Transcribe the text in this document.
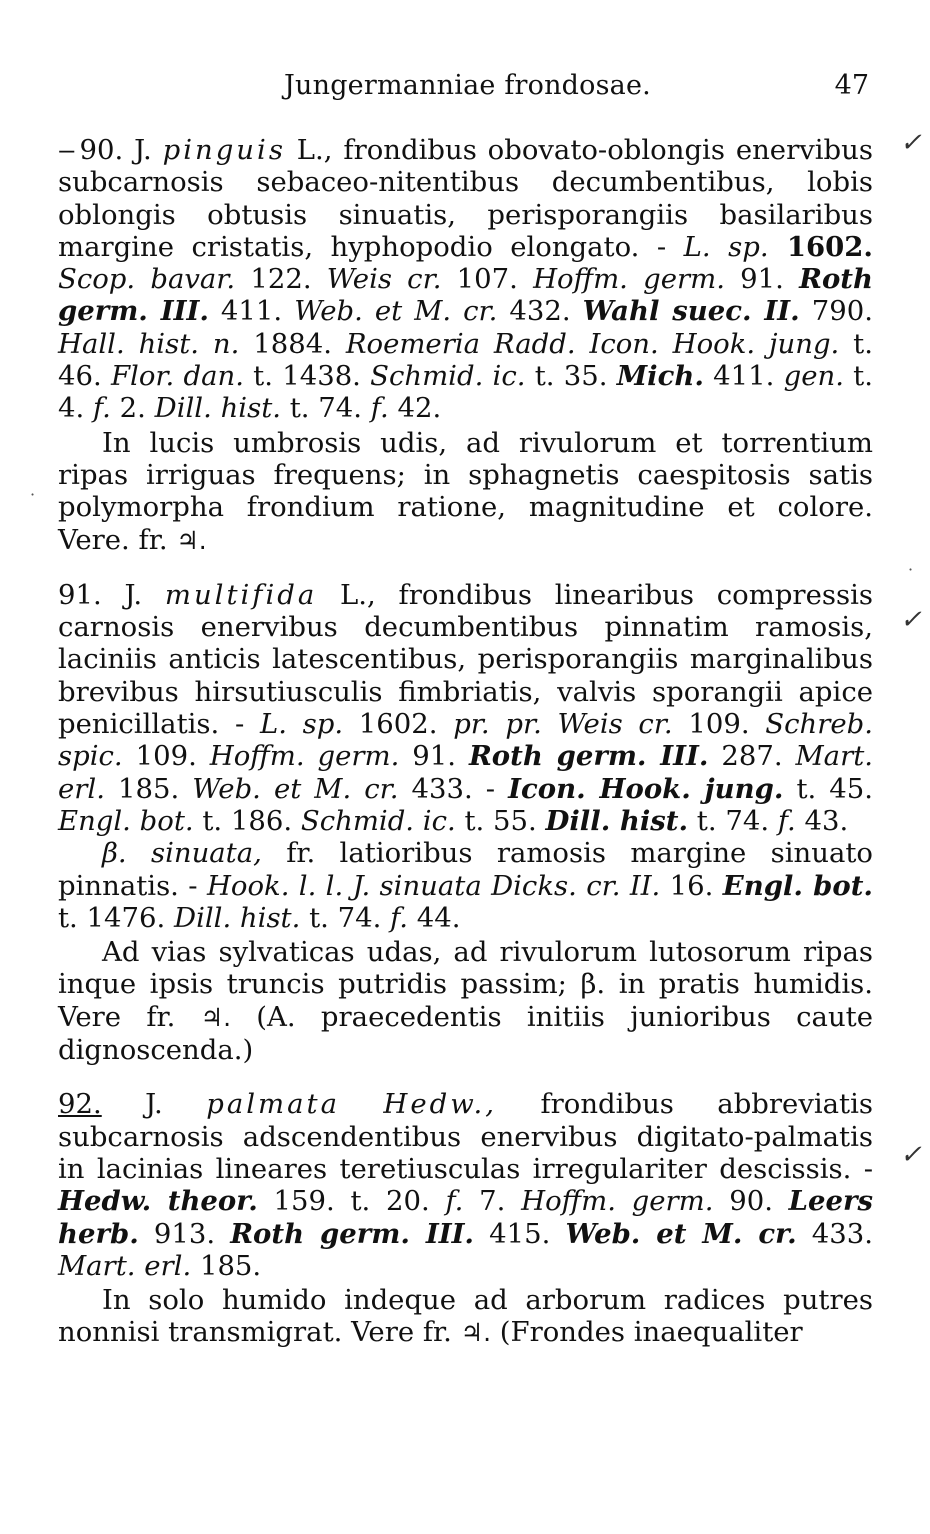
Jungermanniae frondosae.	47

‒ 90. J. pinguis L., frondibus obovato-oblongis enervibus subcarnosis sebaceo-nitentibus decumbentibus, lobis oblongis obtusis sinuatis, perisporangiis basilaribus margine cristatis, hyphopodio elongato. - L. sp. 1602. Scop. bavar. 122. Weis cr. 107. Hoffm. germ. 91. Roth germ. III. 411. Web. et M. cr. 432. Wahl suec. II. 790. Hall. hist. n. 1884. Roemeria Radd. Icon. Hook. jung. t. 46. Flor. dan. t. 1438. Schmid. ic. t. 35. Mich. 411. gen. t. 4. f. 2. Dill. hist. t. 74. f. 42.

In lucis umbrosis udis, ad rivulorum et torrentium ripas irriguas frequens; in sphagnetis caespitosis satis polymorpha frondium ratione, magnitudine et colore. Vere. fr. ♃.

91. J. multifida L., frondibus linearibus compressis carnosis enervibus decumbentibus pinnatim ramosis, laciniis anticis latescentibus, perisporangiis marginalibus brevibus hirsutiusculis fimbriatis, valvis sporangii apice penicillatis. - L. sp. 1602. pr. pr. Weis cr. 109. Schreb. spic. 109. Hoffm. germ. 91. Roth germ. III. 287. Mart. erl. 185. Web. et M. cr. 433. - Icon. Hook. jung. t. 45. Engl. bot. t. 186. Schmid. ic. t. 55. Dill. hist. t. 74. f. 43.

β. sinuata, fr. latioribus ramosis margine sinuato pinnatis. - Hook. l. l. J. sinuata Dicks. cr. II. 16. Engl. bot. t. 1476. Dill. hist. t. 74. f. 44.

Ad vias sylvaticas udas, ad rivulorum lutosorum ripas inque ipsis truncis putridis passim; β. in pratis humidis. Vere fr. ♃. (A. praecedentis initiis junioribus caute dignoscenda.)

92. J. palmata Hedw., frondibus abbreviatis subcarnosis adscendentibus enervibus digitato-palmatis in lacinias lineares teretiusculas irregulariter descissis. - Hedw. theor. 159. t. 20. f. 7. Hoffm. germ. 90. Leers herb. 913. Roth germ. III. 415. Web. et M. cr. 433. Mart. erl. 185.

In solo humido indeque ad arborum radices putres nonnisi transmigrat. Vere fr. ♃. (Frondes inaequaliter

✓
✓
✓
·
·
